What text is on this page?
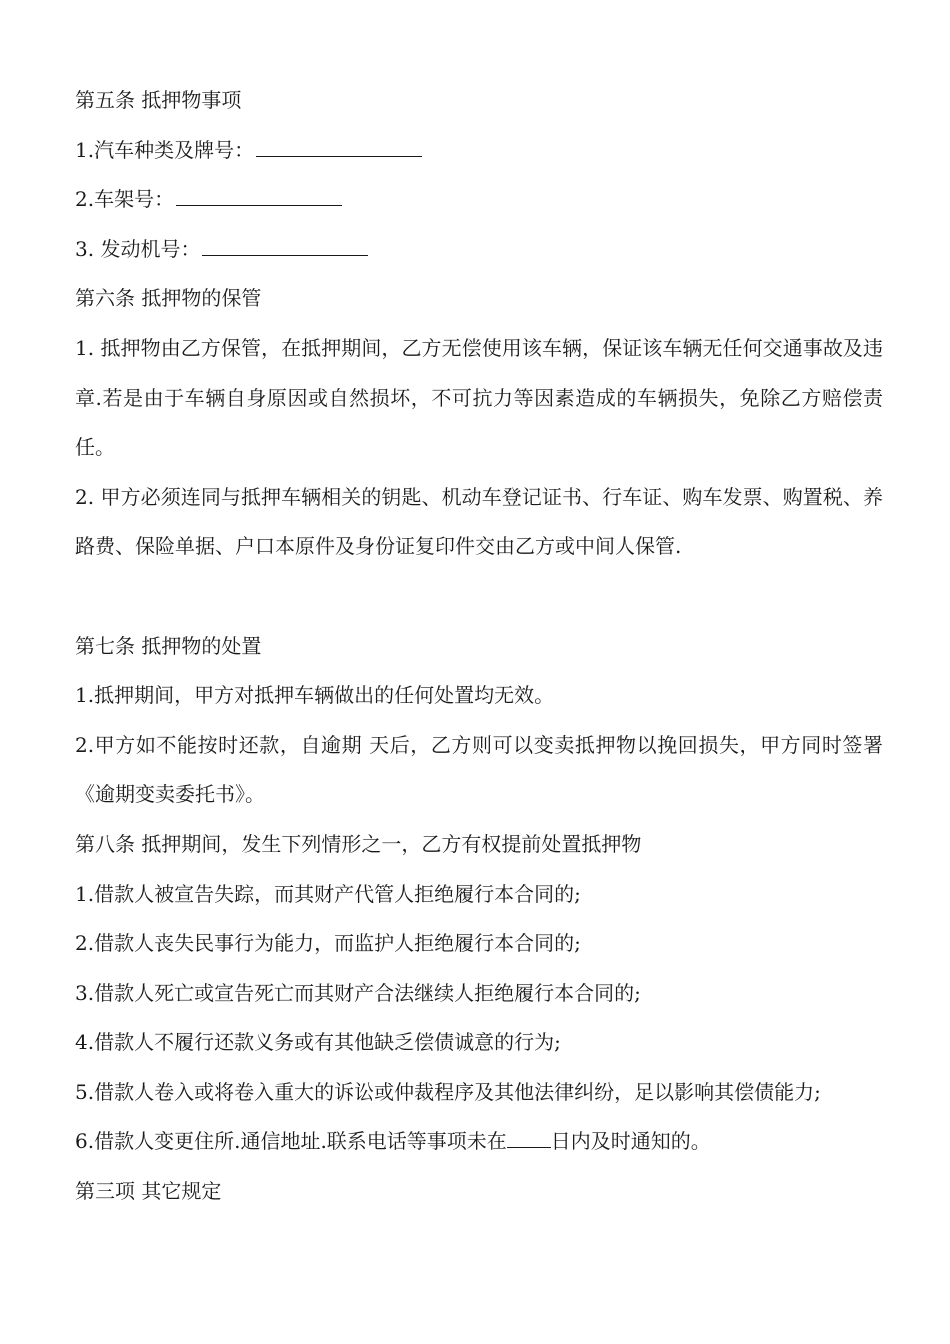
第五条 抵押物事项
1.汽车种类及牌号：
2.车架号：
3. 发动机号：
第六条 抵押物的保管
1. 抵押物由乙方保管，在抵押期间，乙方无偿使用该车辆，保证该车辆无任何交通事故及违章.若是由于车辆自身原因或自然损坏，不可抗力等因素造成的车辆损失，免除乙方赔偿责任。
2. 甲方必须连同与抵押车辆相关的钥匙、机动车登记证书、行车证、购车发票、购置税、养路费、保险单据、户口本原件及身份证复印件交由乙方或中间人保管.
第七条 抵押物的处置
1.抵押期间，甲方对抵押车辆做出的任何处置均无效。
2.甲方如不能按时还款，自逾期 天后，乙方则可以变卖抵押物以挽回损失，甲方同时签署《逾期变卖委托书》。
第八条 抵押期间，发生下列情形之一，乙方有权提前处置抵押物
1.借款人被宣告失踪，而其财产代管人拒绝履行本合同的;
2.借款人丧失民事行为能力，而监护人拒绝履行本合同的;
3.借款人死亡或宣告死亡而其财产合法继续人拒绝履行本合同的;
4.借款人不履行还款义务或有其他缺乏偿债诚意的行为;
5.借款人卷入或将卷入重大的诉讼或仲裁程序及其他法律纠纷，足以影响其偿债能力;
6.借款人变更住所.通信地址.联系电话等事项未在 日内及时通知的。
第三项 其它规定
